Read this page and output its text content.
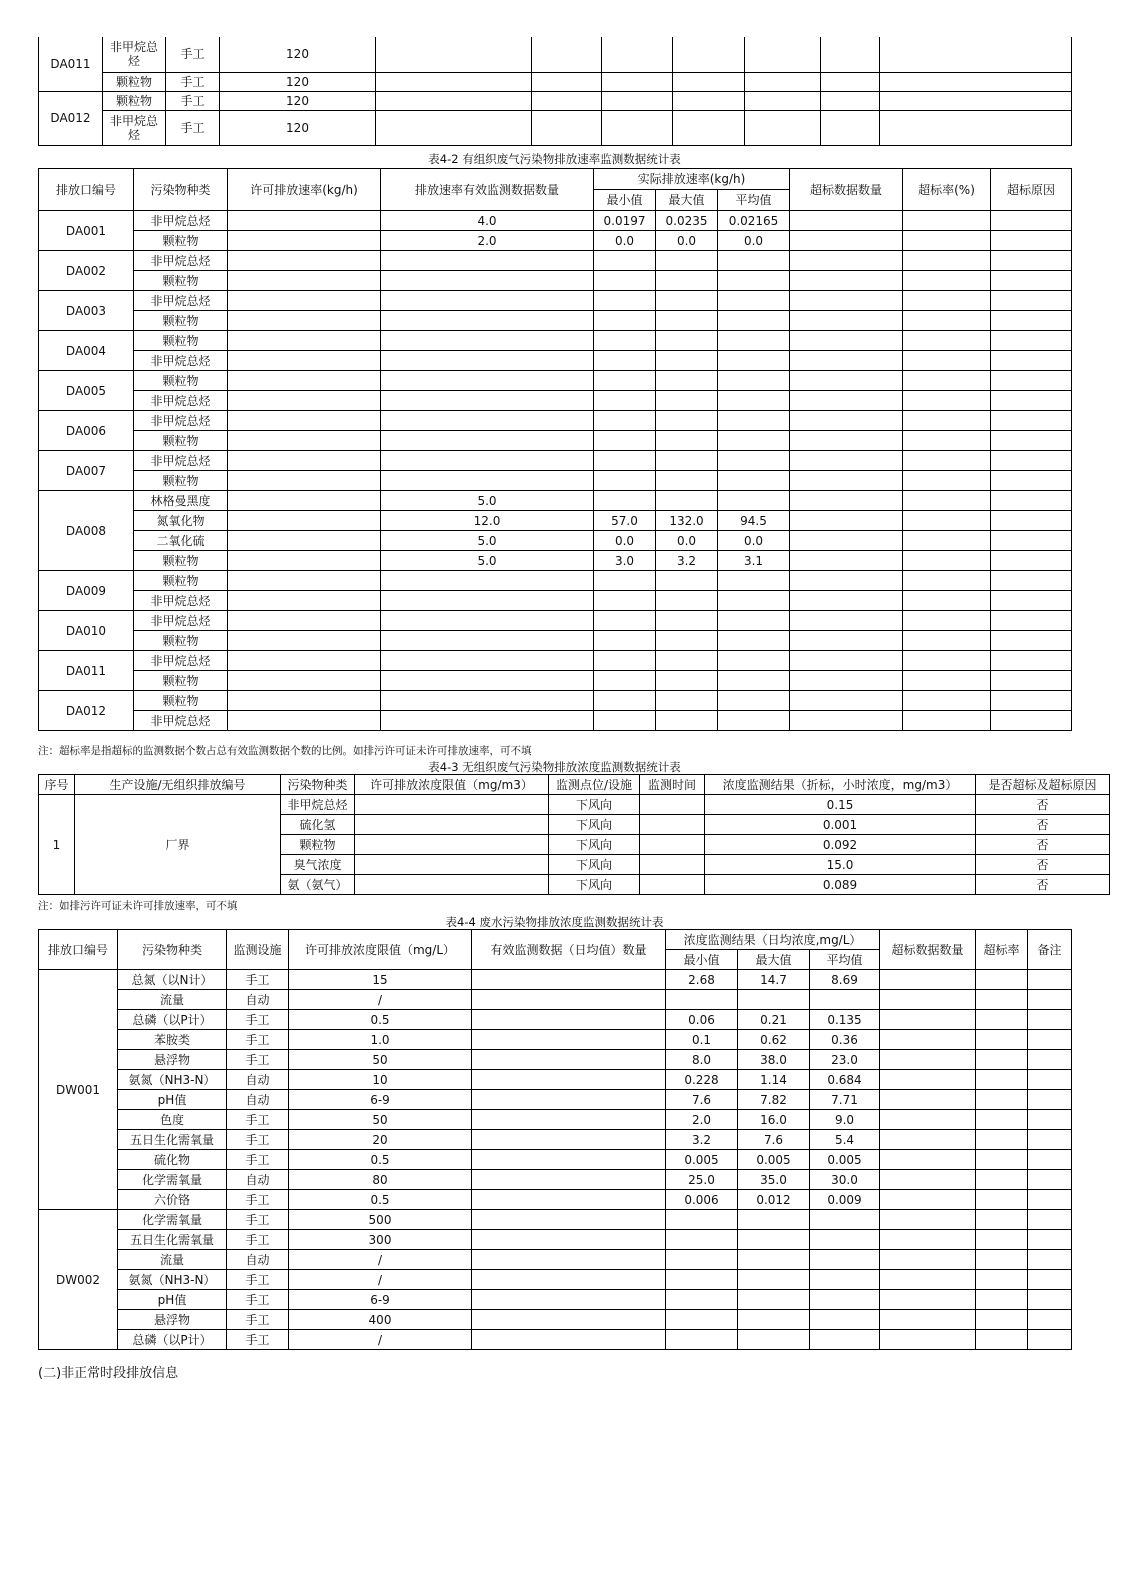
DA011	非甲烷总烃	手工	120							
	颗粒物	手工	120							
DA012	颗粒物	手工	120							
	非甲烷总烃	手工	120							
表4-2 有组织废气污染物排放速率监测数据统计表
排放口编号	污染物种类	许可排放速率(kg/h)	排放速率有效监测数据数量	实际排放速率(kg/h)			超标数据数量	超标率(%)	超标原因
				最小值	最大值	平均值			
DA001	非甲烷总烃		4.0	0.0197	0.0235	0.02165			
	颗粒物		2.0	0.0	0.0	0.0			
DA002	非甲烷总烃								
	颗粒物								
DA003	非甲烷总烃								
	颗粒物								
DA004	颗粒物								
	非甲烷总烃								
DA005	颗粒物								
	非甲烷总烃								
DA006	非甲烷总烃								
	颗粒物								
DA007	非甲烷总烃								
	颗粒物								
DA008	林格曼黑度		5.0						
	氮氧化物		12.0	57.0	132.0	94.5			
	二氧化硫		5.0	0.0	0.0	0.0			
	颗粒物		5.0	3.0	3.2	3.1			
DA009	颗粒物								
	非甲烷总烃								
DA010	非甲烷总烃								
	颗粒物								
DA011	非甲烷总烃								
	颗粒物								
DA012	颗粒物								
	非甲烷总烃								
注：超标率是指超标的监测数据个数占总有效监测数据个数的比例。如排污许可证未许可排放速率，可不填
表4-3 无组织废气污染物排放浓度监测数据统计表
序号	生产设施/无组织排放编号	污染物种类	许可排放浓度限值（mg/m3）	监测点位/设施	监测时间	浓度监测结果（折标，小时浓度，mg/m3）	是否超标及超标原因
1	厂界	非甲烷总烃		下风向		0.15	否
		硫化氢		下风向		0.001	否
		颗粒物		下风向		0.092	否
		臭气浓度		下风向		15.0	否
		氨（氨气）		下风向		0.089	否
注：如排污许可证未许可排放速率，可不填
表4-4 废水污染物排放浓度监测数据统计表
排放口编号	污染物种类	监测设施	许可排放浓度限值（mg/L）	有效监测数据（日均值）数量	浓度监测结果（日均浓度,mg/L）			超标数据数量	超标率	备注
					最小值	最大值	平均值			
DW001	总氮（以N计）	手工	15		2.68	14.7	8.69			
	流量	自动	/							
	总磷（以P计）	手工	0.5		0.06	0.21	0.135			
	苯胺类	手工	1.0		0.1	0.62	0.36			
	悬浮物	手工	50		8.0	38.0	23.0			
	氨氮（NH3-N）	自动	10		0.228	1.14	0.684			
	pH值	自动	6-9		7.6	7.82	7.71			
	色度	手工	50		2.0	16.0	9.0			
	五日生化需氧量	手工	20		3.2	7.6	5.4			
	硫化物	手工	0.5		0.005	0.005	0.005			
	化学需氧量	自动	80		25.0	35.0	30.0			
	六价铬	手工	0.5		0.006	0.012	0.009			
DW002	化学需氧量	手工	500							
	五日生化需氧量	手工	300							
	流量	自动	/							
	氨氮（NH3-N）	手工	/							
	pH值	手工	6-9							
	悬浮物	手工	400							
	总磷（以P计）	手工	/							
(二)非正常时段排放信息
